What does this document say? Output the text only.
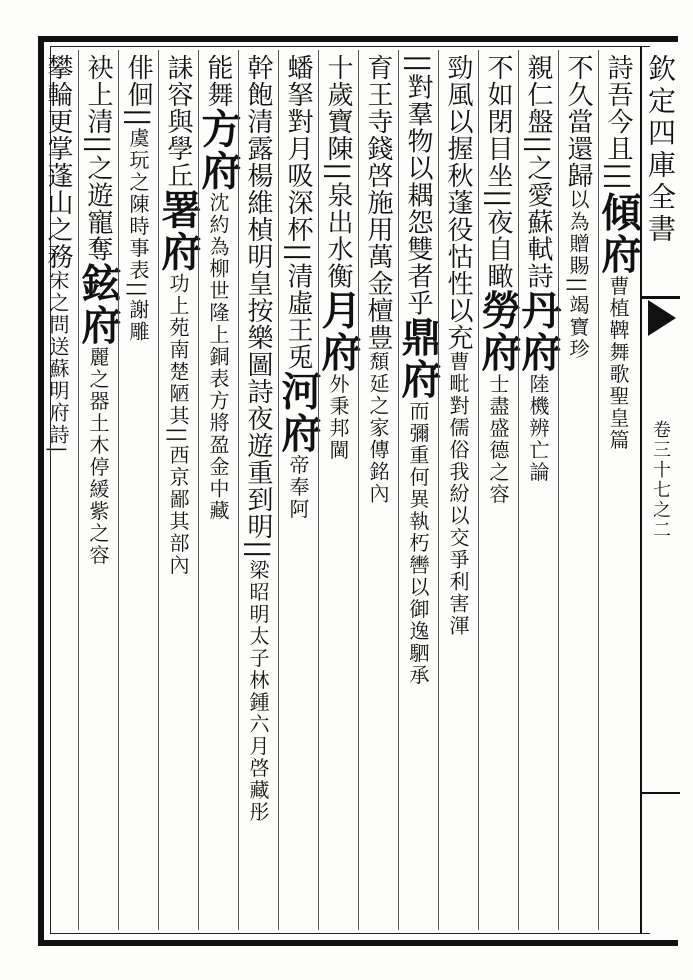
欽定四庫全書
卷三十七之二
詩吾今且|||傾府曹植鞞舞歌聖皇篇
不久當還歸以為贈賜||竭寶珍
親仁盤||之愛蘇軾詩丹府陸機辨亡論
不如閉目坐||夜自瞰勞府士盡盛德之容
勁風以握秋蓬役怙性以充曹毗對儒俗我紛以交爭利害渾
||對羣物以耦怨雙者乎鼎府而彌重何異執朽轡以御逸駟承
育王寺錢啓施用萬金檀豊頹延之家傳銘內
十歲寶陳||泉出水衡月府外秉邦閫
蟠拏對月吸深杯||清虛王兎河府帝奉阿
幹飽清露楊維楨明皇按樂圖詩夜遊重到明||梁昭明太子林鍾六月啓藏彤
能舞方府沈約為柳世隆上銅表方將盈金中藏
誄容與學丘署府功上苑南楚陋其||西京鄙其部內
俳佪||虞玩之陳時事表||謝雕
袂上清||之遊寵奪鉉府麗之器土木停緩紫之容
攀輪更掌蓬山之務宋之問送蘇明府詩|
